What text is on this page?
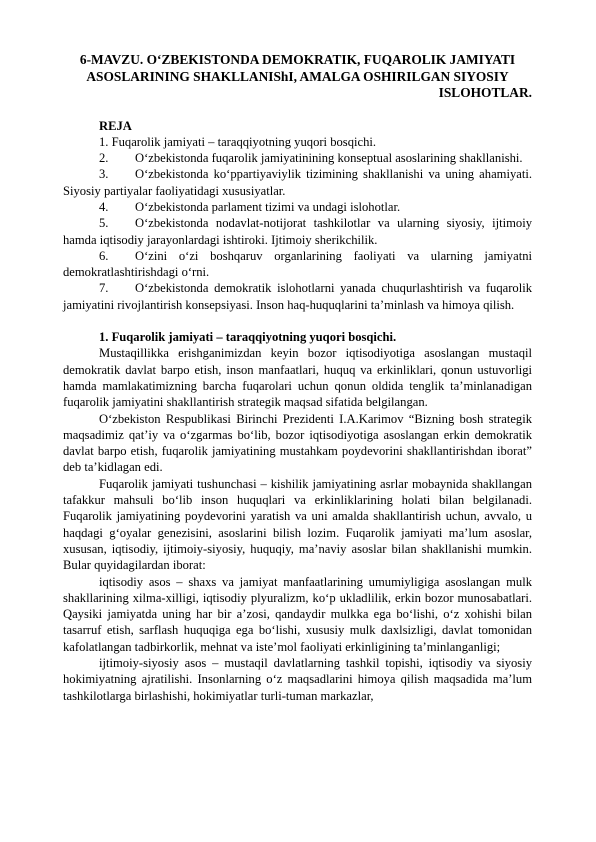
6-MAVZU. O‘ZBEKISTONDA DEMOKRATIK, FUQAROLIK JAMIYATI
ASOSLARINING SHAKLLANIShI, AMALGA OSHIRILGAN SIYOSIY
ISLOHOTLAR.
REJA
1. Fuqarolik jamiyati – taraqqiyotning yuqori bosqichi.
2. O‘zbekistonda fuqarolik jamiyatinining konseptual asoslarining shakllanishi.
3. O‘zbekistonda ko‘ppartiyaviylik tizimining shakllanishi va uning ahamiyati. Siyosiy partiyalar faoliyatidagi xususiyatlar.
4. O‘zbekistonda parlament tizimi va undagi islohotlar.
5. O‘zbekistonda nodavlat-notijorat tashkilotlar va ularning siyosiy, ijtimoiy hamda iqtisodiy jarayonlardagi ishtiroki. Ijtimoiy sherikchilik.
6. O‘zini o‘zi boshqaruv organlarining faoliyati va ularning jamiyatni demokratlashtirishdagi o‘rni.
7. O‘zbekistonda demokratik islohotlarni yanada chuqurlashtirish va fuqarolik jamiyatini rivojlantirish konsepsiyasi. Inson haq-huquqlarini ta’minlash va himoya qilish.
1. Fuqarolik jamiyati – taraqqiyotning yuqori bosqichi.

Mustaqillikka erishganimizdan keyin bozor iqtisodiyotiga asoslangan mustaqil demokratik davlat barpo etish, inson manfaatlari, huquq va erkinliklari, qonun ustuvorligi hamda mamlakatimizning barcha fuqarolari uchun qonun oldida tenglik ta’minlanadigan fuqarolik jamiyatini shakllantirish strategik maqsad sifatida belgilangan.

O‘zbekiston Respublikasi Birinchi Prezidenti I.A.Karimov “Bizning bosh strategik maqsadimiz qat’iy va o‘zgarmas bo‘lib, bozor iqtisodiyotiga asoslangan erkin demokratik davlat barpo etish, fuqarolik jamiyatining mustahkam poydevorini shakllantirishdan iborat” deb ta’kidlagan edi.

Fuqarolik jamiyati tushunchasi – kishilik jamiyatining asrlar mobaynida shakllangan tafakkur mahsuli bo‘lib inson huquqlari va erkinliklarining holati bilan belgilanadi. Fuqarolik jamiyatining poydevorini yaratish va uni amalda shakllantirish uchun, avvalo, u haqdagi g‘oyalar genezisini, asoslarini bilish lozim. Fuqarolik jamiyati ma’lum asoslar, xususan, iqtisodiy, ijtimoiy-siyosiy, huquqiy, ma’naviy asoslar bilan shakllanishi mumkin. Bular quyidagilardan iborat:

iqtisodiy asos – shaxs va jamiyat manfaatlarining umumiyligiga asoslangan mulk shakllarining xilma-xilligi, iqtisodiy plyuralizm, ko‘p ukladlilik, erkin bozor munosabatlari. Qaysiki jamiyatda uning har bir a’zosi, qandaydir mulkka ega bo‘lishi, o‘z xohishi bilan tasarruf etish, sarflash huquqiga ega bo‘lishi, xususiy mulk daxlsizligi, davlat tomonidan kafolatlangan tadbirkorlik, mehnat va iste’mol faoliyati erkinligining ta’minlanganligi;

ijtimoiy-siyosiy asos – mustaqil davlatlarning tashkil topishi, iqtisodiy va siyosiy hokimiyatning ajratilishi. Insonlarning o‘z maqsadlarini himoya qilish maqsadida ma’lum tashkilotlarga birlashishi, hokimiyatlar turli-tuman markazlar,
